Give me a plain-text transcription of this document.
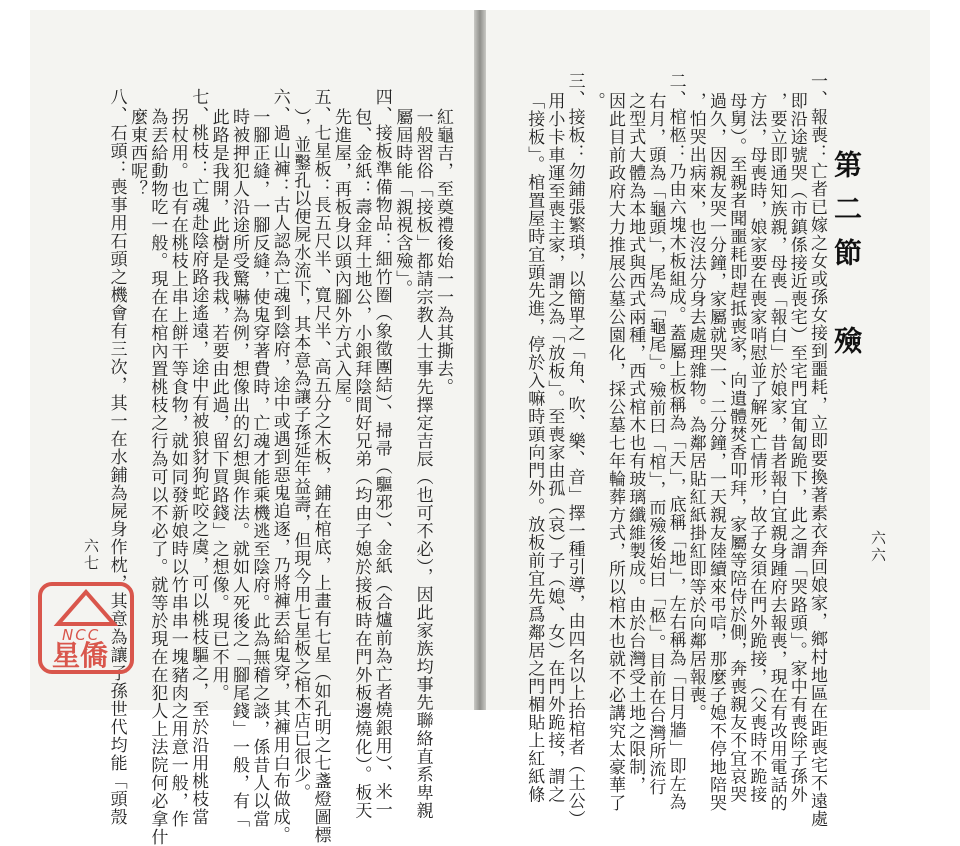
六六
第二節　殮
一、報喪：亡者已嫁之女或孫女接到噩耗，立即要換著素衣奔回娘家，鄉村地區在距喪宅不遠處
即沿途號哭（市鎮係接近喪宅）至宅門宜匍匐跪下，此之謂「哭路頭」。家中有喪除子孫外
，要立即通知族親，母喪「報白」於娘家，昔者報白宜親身踵府去報喪，現在有改用電話的
方法，母喪時，娘家要在喪家哨慰並了解死亡情形，故子女須在門外跪接，（父喪時不跪接
母舅）。至親者聞噩耗即趕抵喪家，向遺體焚香叩拜，家屬等陪侍於側，奔喪親友不宜哀哭
過久，因親友哭一分鐘，家屬就哭一、二分鐘，一天親友陸續來弔唁，那麼子媳不停地陪哭
，怕哭出病來，也沒法分身去處理雜物。為鄰居貼紅紙掛紅即等於向鄰居報喪。
二、棺柩：乃由六塊木板組成。蓋屬上板稱為「天」，底稱「地」，左右稱為「日月牆」即左為
右月，頭為「龜頭」，尾為「龜尾」。殮前曰「棺」，而殮後始曰「柩」。目前在台灣所流行
之型式大體為本地式與西式兩種，西式棺木也有玻璃纖維製成。由於台灣受土地之限制，
因此目前政府大力推展公墓公園化，採公墓七年輪葬方式，所以棺木也就不必講究太豪華了
。
三、接板：勿鋪張繁瑣，以簡單之「角、吹、樂、音」擇一種引導，由四名以上抬棺者（土公）
用小卡車運至喪主家，謂之為「放板」。至喪家由孤（哀）子（媳、女）在門外跪接，謂之
「接板」。棺置屋時宜頭先進，停於入嘛時頭向門外。放板前宜先爲鄰居之門楣貼上紅紙條
六七
紅龜吉，至奠禮後始一一為其撕去。
一般習俗「接板」都請宗教人士事先擇定吉辰（也可不必），因此家族均事先聯絡直系卑親
屬屆時能「親視含殮」。
四、接板準備物品：細竹圈（象徵團結）、掃帚（驅邪）、金紙（合爐前為亡者燒銀用）、米一
包、金紙：壽金拜土地公，小銀拜陰間好兄弟（均由子媳於接板時在門外板邊燒化）。板天
先進屋，再板身以頭內腳外方式入屋。
五、七星板：長五尺半、寬尺半、高五分之木板，鋪在棺底，上畫有七星（如孔明之七盞燈圖標
），並鑿孔以便屍水流下，其本意為讓子孫延年益壽，但現今用七星板之棺木店已很少。
六、過山褲：古人認為亡魂到陰府，途中或遇到惡鬼追逐，乃將褲丟給鬼穿，其褲用白布做成。
一腳正縫，一腳反縫，使鬼穿著費時，亡魂才能乘機逃至陰府。此為無稽之談，係昔人以當
時被押犯人沿途所受驚嚇為例，想像出的幻想與作法。就如人死後之「腳尾錢」一般，有「
此路是我開，此樹是我栽，若要由此過，留下買路錢」之想像。現已不用。
七、桃枝：亡魂赴陰府路途遙遠，途中有被狼豺狗蛇咬之虞，可以桃枝驅之，至於沿用桃枝當
拐杖用。也有在桃枝上串上餅干等食物，就如同發新娘時以竹串串一塊豬肉之用意一般，作
為丟給動物吃一般。現在在棺內置桃枝之行為可以不必了。就等於現在在犯人上法院何必拿什
麼東西呢？
八、石頭：喪事用石頭之機會有三次，其一在水鋪為屍身作枕，其意為讓子孫世代均能「頭殼
NCC
星僑
